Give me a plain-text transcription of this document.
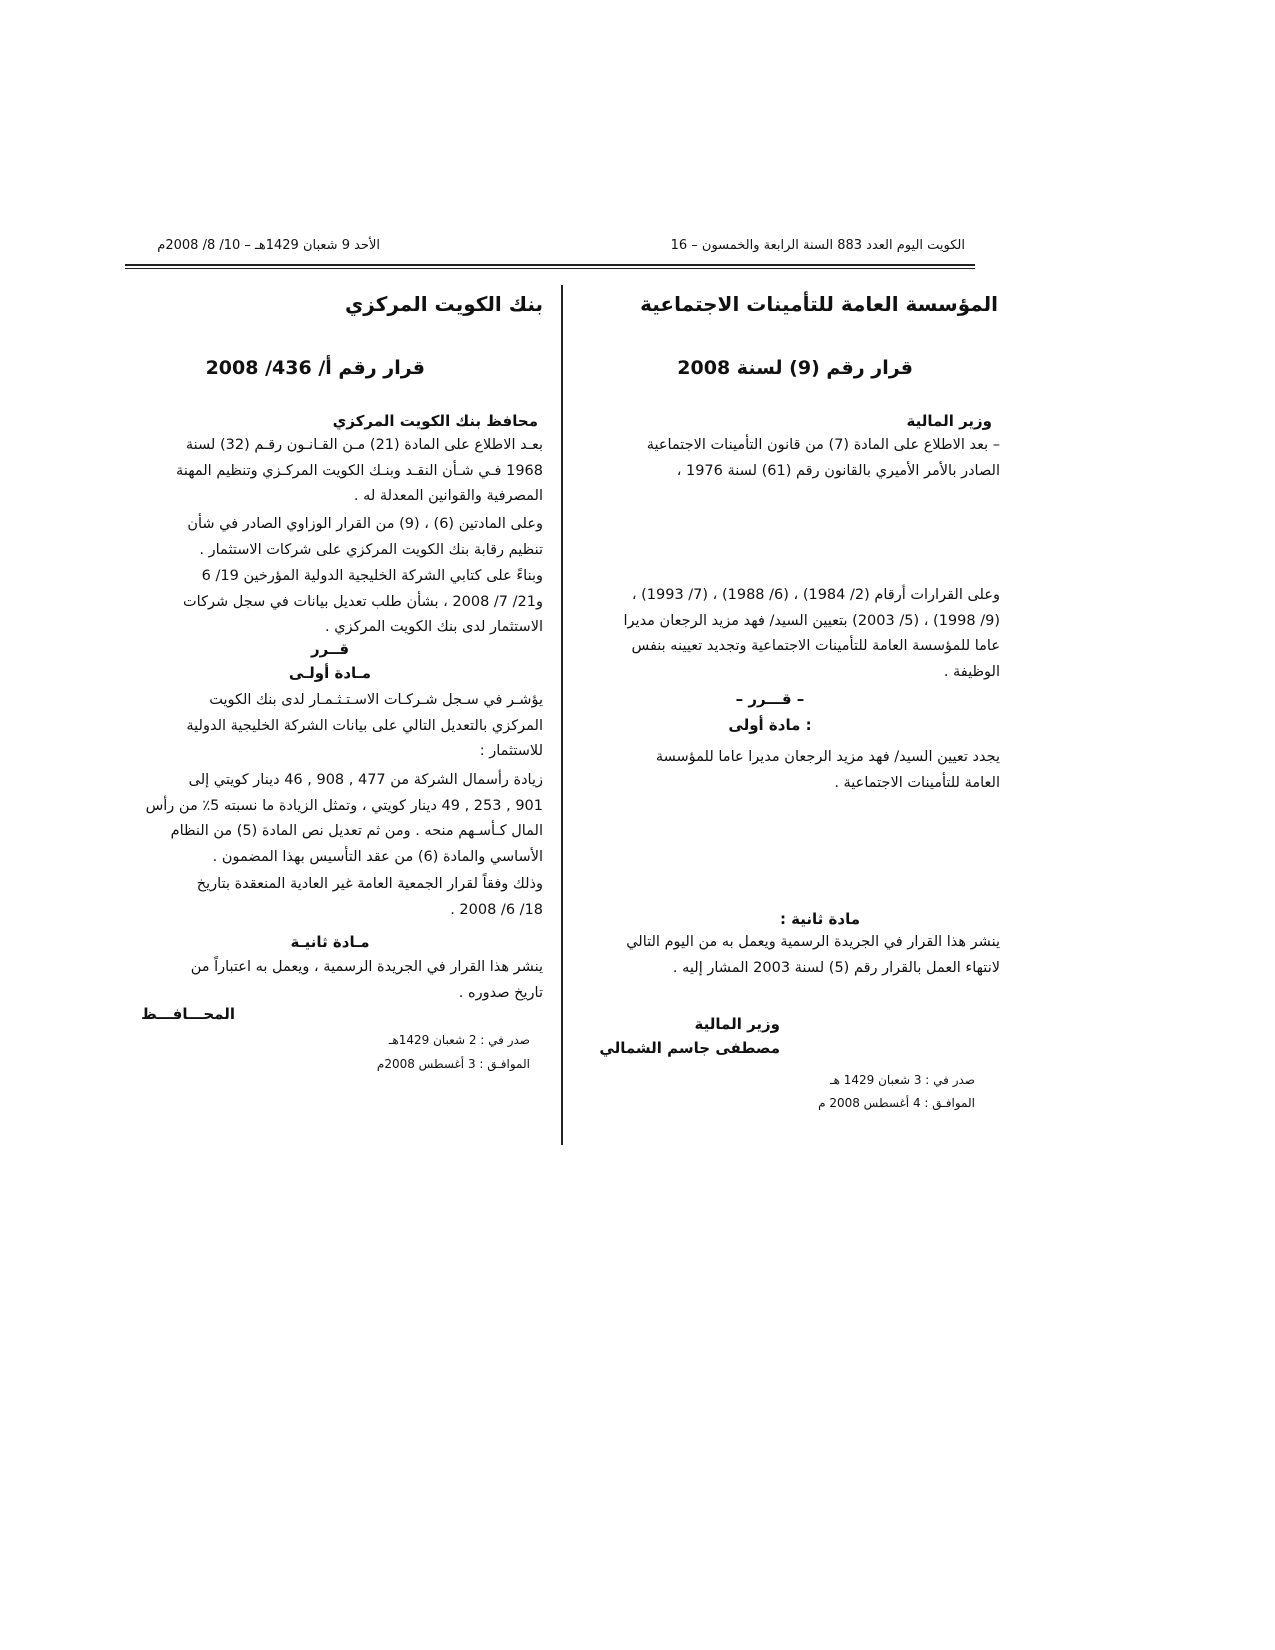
الكويت اليوم العدد 883 السنة الرابعة والخمسون – 16
الأحد 9 شعبان 1429هـ – 10/ 8/ 2008م
المؤسسة العامة للتأمينات الاجتماعية
قرار رقم (9) لسنة 2008
وزير المالية
– بعد الاطلاع على المادة (7) من قانون التأمينات الاجتماعية
الصادر بالأمر الأميري بالقانون رقم (61) لسنة 1976 ،
وعلى القرارات أرقام (2/ 1984) ، (6/ 1988) ، (7/ 1993) ،
(9/ 1998) ، (5/ 2003) بتعيين السيد/ فهد مزيد الرجعان مديرا
عاما للمؤسسة العامة للتأمينات الاجتماعية وتجديد تعيينه بنفس
الوظيفة .
– قـــرر –
مادة أولى :
يجدد تعيين السيد/ فهد مزيد الرجعان مديرا عاما للمؤسسة
العامة للتأمينات الاجتماعية .
مادة ثانية :
ينشر هذا القرار في الجريدة الرسمية ويعمل به من اليوم التالي
لانتهاء العمل بالقرار رقم (5) لسنة 2003 المشار إليه .
وزير المالية
مصطفى جاسم الشمالي
صدر في : 3 شعبان 1429 هـ
الموافـق : 4 أغسطس 2008 م
بنك الكويت المركزي
قرار رقم أ/ 436/ 2008
محافظ بنك الكويت المركزي
بعـد الاطلاع على المادة (21) مـن القـانـون رقـم (32) لسنة
1968 فـي شـأن النقـد وبنـك الكويت المركـزي وتنظيم المهنة
المصرفية والقوانين المعدلة له .
وعلى المادتين (6) ، (9) من القرار الوزاوي الصادر في شأن
تنظيم رقابة بنك الكويت المركزي على شركات الاستثمار .
وبناءً على كتابي الشركة الخليجية الدولية المؤرخين 19/ 6
و21/ 7/ 2008 ، بشأن طلب تعديل بيانات في سجل شركات
الاستثمار لدى بنك الكويت المركزي .
قــرر
مـادة أولـى
يؤشـر في سـجل شـركـات الاسـتـثـمـار لدى بنك الكويت
المركزي بالتعديل التالي على بيانات الشركة الخليجية الدولية
للاستثمار :
زيادة رأسمال الشركة من 477 , 908 , 46 دينار كويتي إلى
901 , 253 , 49 دينار كويتي ، وتمثل الزيادة ما نسبته 5٪ من رأس
المال كـأسـهم منحه . ومن ثم تعديل نص المادة (5) من النظام
الأساسي والمادة (6) من عقد التأسيس بهذا المضمون .
وذلك وفقاً لقرار الجمعية العامة غير العادية المنعقدة بتاريخ
18/ 6/ 2008 .
مـادة ثانيـة
ينشر هذا القرار في الجريدة الرسمية ، ويعمل به اعتباراً من
تاريخ صدوره .
المحـــافـــظ
صدر في : 2 شعبان 1429هـ
الموافـق : 3 أغسطس 2008م
